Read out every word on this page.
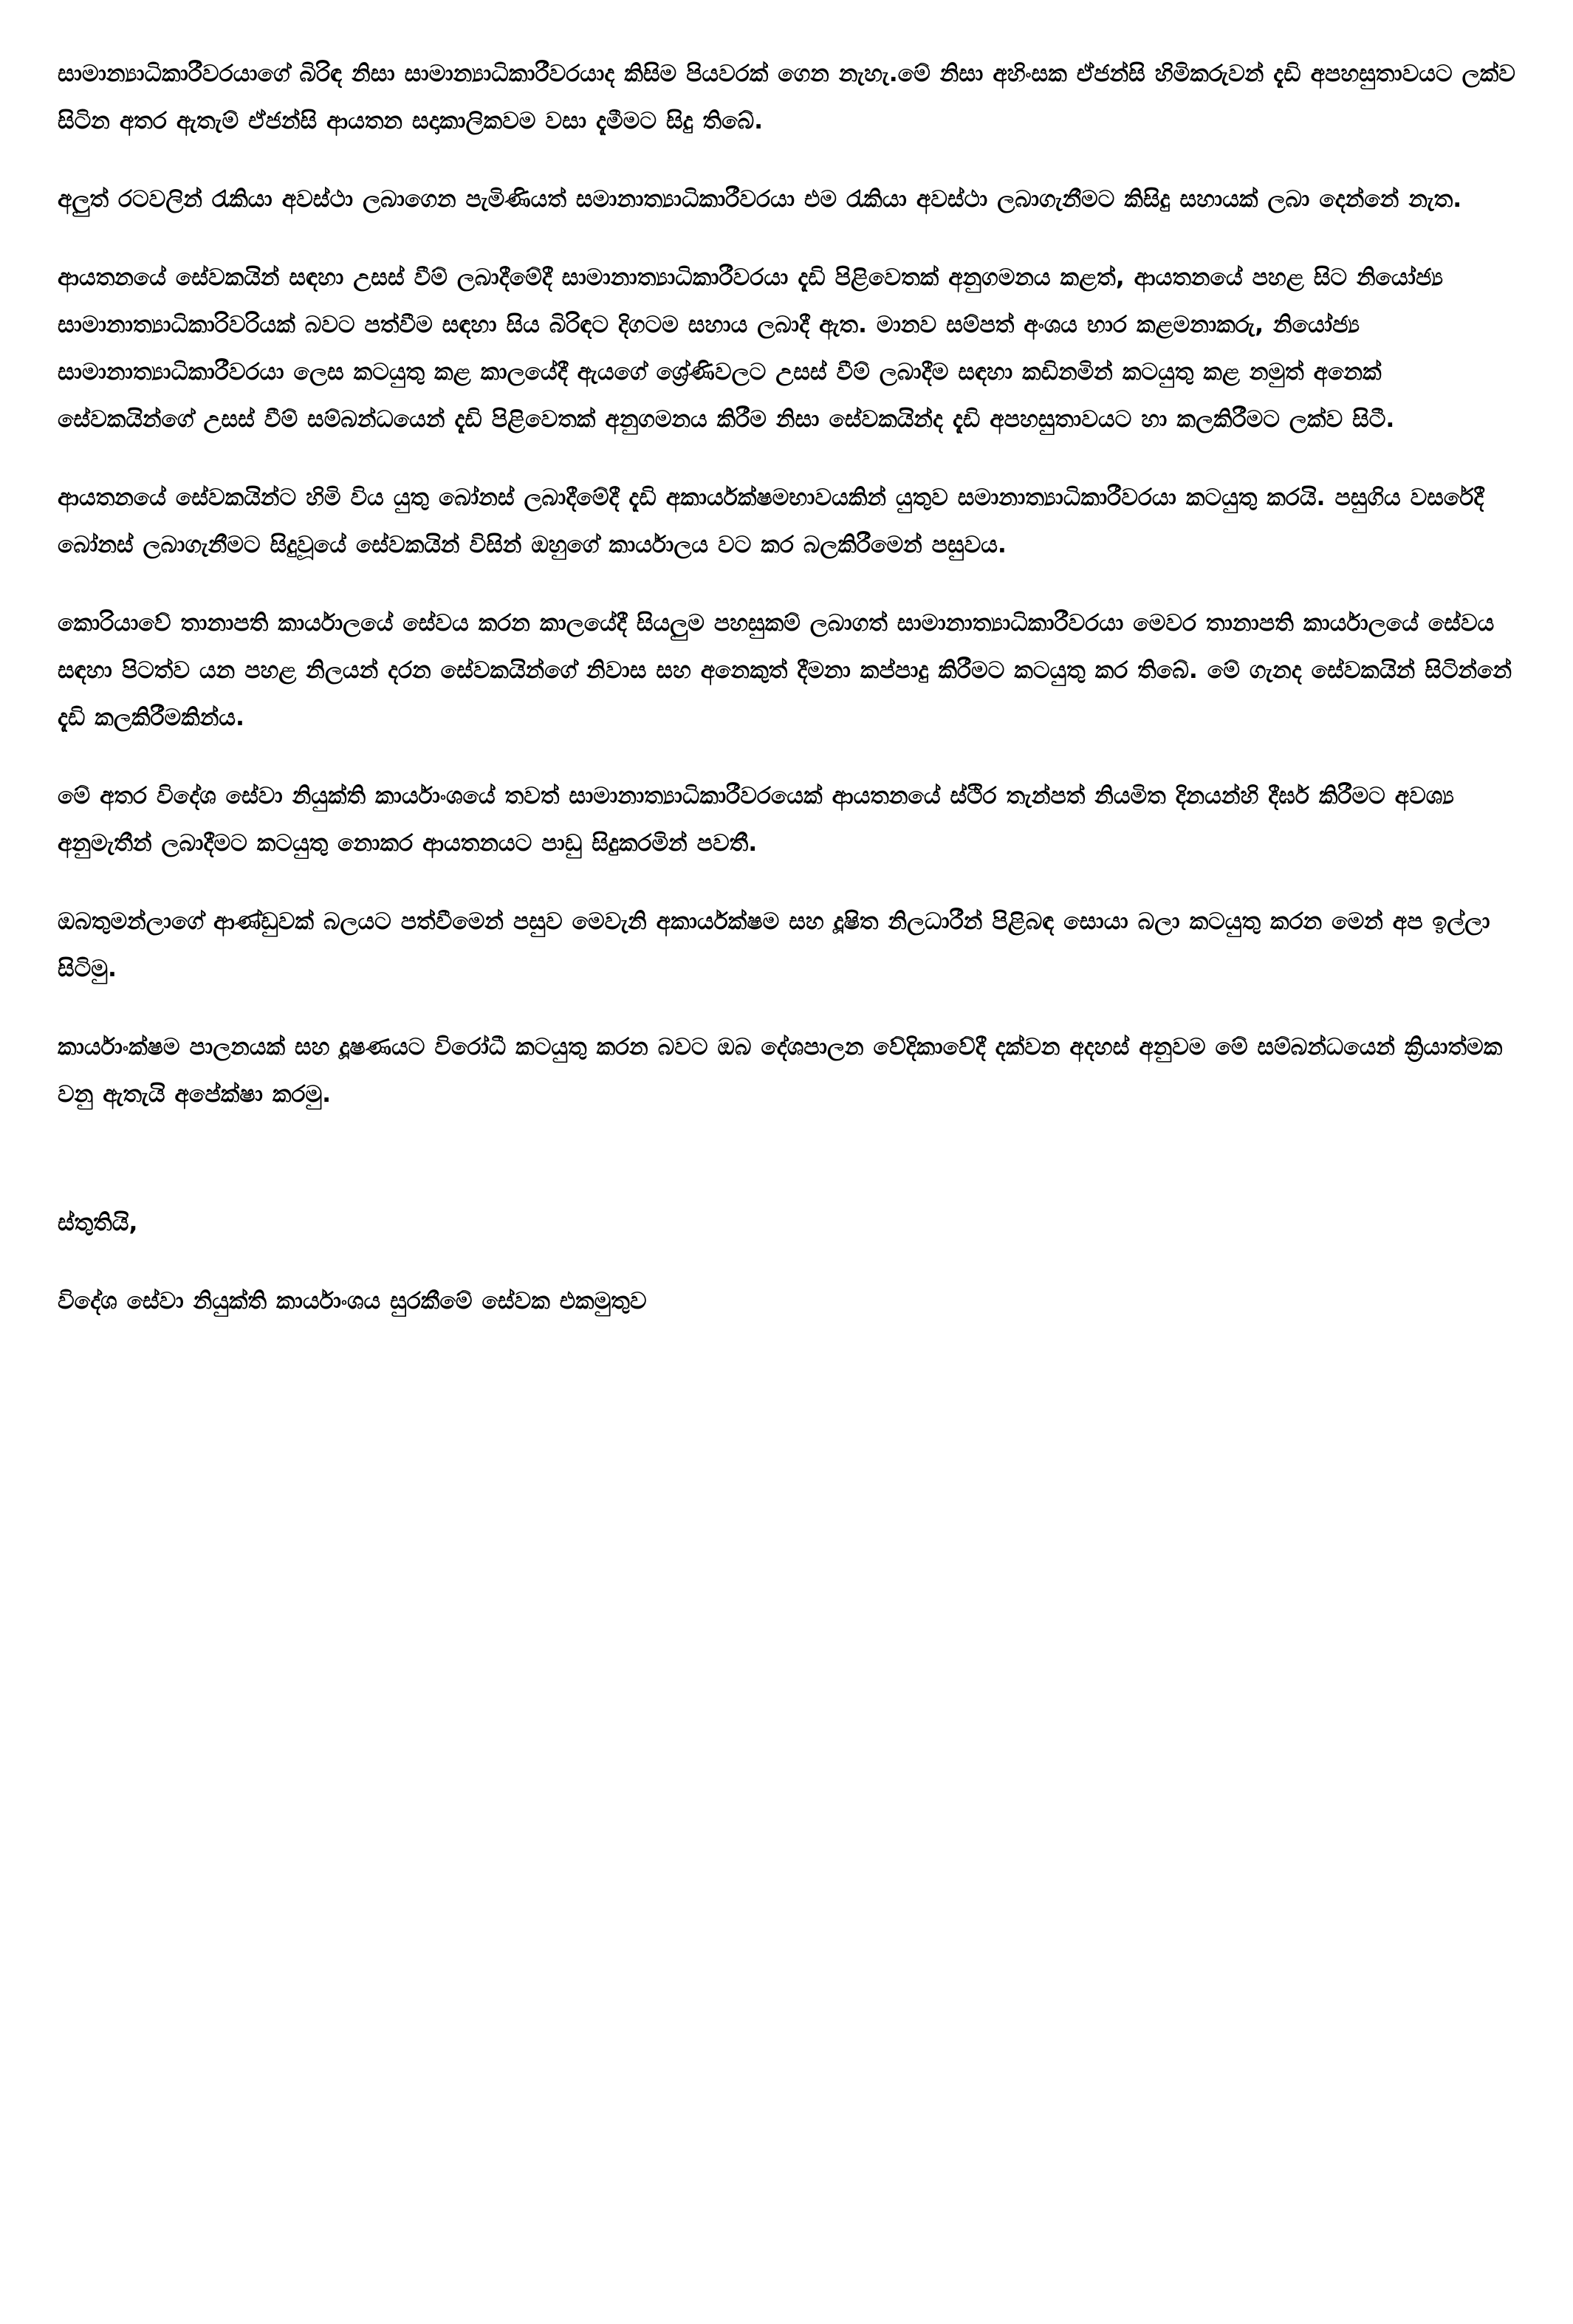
සාමාන්‍යාධිකාරීවරයාගේ බිරිඳ නිසා සාමාන්‍යාධිකාරීවරයාද කිසිම පියවරක් ගෙන නැහැ.මේ නිසා අහිංසක ඒජන්සි හිමිකරුවන් දැඩි අපහසුතාවයට ලක්ව සිටින අතර ඇතැම් ඒජන්සි ආයතන සදාකාලිකවම වසා දැමීමට සිදු තිබේ.

අලුත් රටවලින් රැකියා අවස්ථා ලබාගෙන පැමිණියත් සමානාත්‍යාධිකාරීවරයා එම රැකියා අවස්ථා ලබාගැනීමට කිසිදු සහායක් ලබා දෙන්නේ නැත.

ආයතනයේ සේවකයින් සඳහා උසස් වීම් ලබාදීමේදී සාමානාත්‍යාධිකාරීවරයා දැඩි පිළිවෙතක් අනුගමනය කළත්, ආයතනයේ පහළ සිට නියෝජ්‍ය සාමානාත්‍යාධිකාරිවරියක් බවට පත්වීම සඳහා සිය බිරිඳට දිගටම සහාය ලබාදී ඇත. මානව සම්පත් අංශය භාර කළමනාකරු, නියෝජ්‍ය සාමානාත්‍යාධිකාරීවරයා ලෙස කටයුතු කළ කාලයේදී ඇයගේ ශ්‍රේණිවලට උසස් වීම් ලබාදීම සඳහා කඩිනමින් කටයුතු කළ නමුත් අනෙක් සේවකයින්ගේ උසස් වීම් සම්බන්ධයෙන් දැඩි පිළිවෙතක් අනුගමනය කිරීම නිසා සේවකයින්ද දැඩි අපහසුතාවයට හා කලකිරීමට ලක්ව සිටී.

ආයතනයේ සේවකයින්ට හිමි විය යුතු බෝනස් ලබාදීමේදී දැඩි අකාර්යක්ෂමභාවයකින් යුතුව සමානාත්‍යාධිකාරීවරයා කටයුතු කරයි. පසුගිය වසරේදී බෝනස් ලබාගැනීමට සිදුවූයේ සේවකයින් විසින් ඔහුගේ කාර්යාලය වට කර බලකිරීමෙන් පසුවය.

කොරියාවේ තානාපති කාර්යාලයේ සේවය කරන කාලයේදී සියලුම පහසුකම් ලබාගත් සාමානාත්‍යාධිකාරීවරයා මෙවර තානාපති කාර්යාලයේ සේවය සඳහා පිටත්ව යන පහළ නිලයන් දරන සේවකයින්ගේ නිවාස සහ අනෙකුත් දීමනා කප්පාදු කිරීමට කටයුතු කර තිබේ. මේ ගැනද සේවකයින් සිටින්නේ දැඩි කලකිරීමකින්ය.

මේ අතර විදේශ සේවා නියුක්ති කාර්යාංශයේ තවත් සාමානාත්‍යාධිකාරීවරයෙක් ආයතනයේ ස්ථිර තැන්පත් නියමිත දිනයන්හි දීර්ඝ කිරීමට අවශ්‍ය අනුමැතීන් ලබාදීමට කටයුතු නොකර ආයතනයට පාඩු සිදුකරමින් පවතී.

ඔබතුමන්ලාගේ ආණ්ඩුවක් බලයට පත්වීමෙන් පසුව මෙවැනි අකාර්යක්ෂම සහ දූෂිත නිලධාරීන් පිළිබඳ සොයා බලා කටයුතු කරන මෙන් අප ඉල්ලා සිටිමු.

කාර්යාංක්ෂම පාලනයක් සහ දූෂණයට විරෝධී කටයුතු කරන බවට ඔබ දේශපාලන වේදිකාවේදී දක්වන අදහස් අනුවම මේ සම්බන්ධයෙන් ක්‍රියාත්මක වනු ඇතැයි අපේක්ෂා කරමු.

ස්තුතියි,

විදේශ සේවා නියුක්ති කාර්යාංශය සුරකීමේ සේවක එකමුතුව
